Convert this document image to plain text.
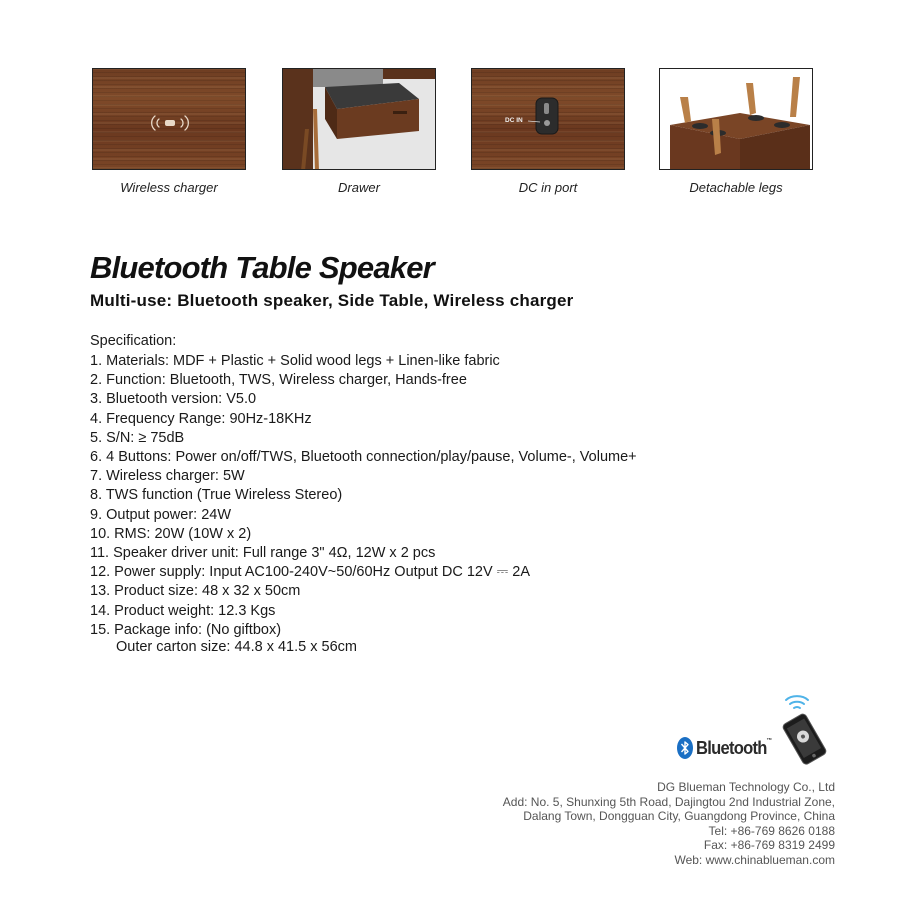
Wireless charger	Drawer
DC IN
DC in port	Detachable legs
Bluetooth Table Speaker
Multi-use: Bluetooth speaker, Side Table, Wireless charger
Specification:
1. Materials: MDF + Plastic + Solid wood legs + Linen-like fabric
2. Function: Bluetooth, TWS, Wireless charger, Hands-free
3. Bluetooth version: V5.0
4. Frequency Range: 90Hz-18KHz
5. S/N: ≥ 75dB
6. 4 Buttons: Power on/off/TWS, Bluetooth connection/play/pause, Volume-, Volume+
7. Wireless charger: 5W
8. TWS function (True Wireless Stereo)
9. Output power: 24W
10. RMS: 20W (10W x 2)
11. Speaker driver unit: Full range 3" 4Ω, 12W x 2 pcs
12. Power supply: Input AC100-240V~50/60Hz Output DC 12V ⎓ 2A
13. Product size: 48 x 32 x 50cm
14. Product weight: 12.3 Kgs
15. Package info: (No giftbox)
Outer carton size: 44.8 x 41.5 x 56cm
Bluetooth™
DG Blueman Technology Co., Ltd
Add: No. 5, Shunxing 5th Road, Dajingtou 2nd Industrial Zone,
Dalang Town, Dongguan City, Guangdong Province, China
Tel: +86-769 8626 0188
Fax: +86-769 8319 2499
Web: www.chinablueman.com
